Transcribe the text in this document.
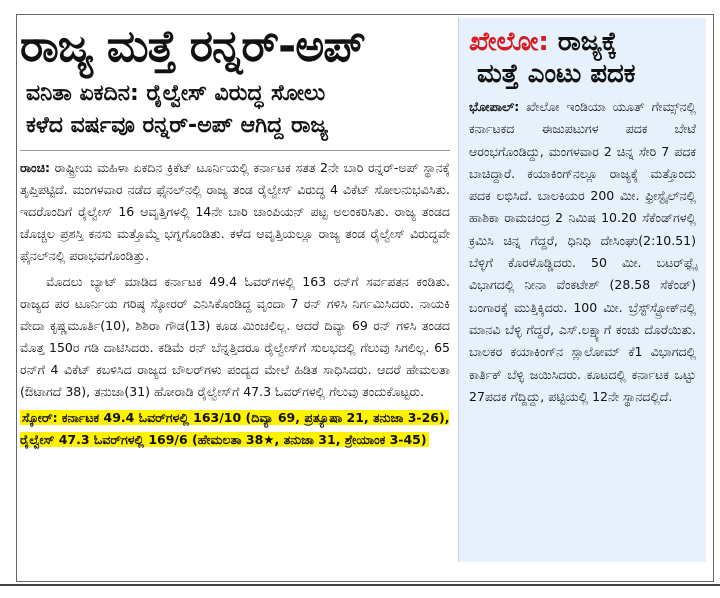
ರಾಜ್ಯ ಮತ್ತೆ ರನ್ನರ್-ಅಪ್
ವನಿತಾ ಏಕದಿನ: ರೈಲ್ವೇಸ್ ವಿರುದ್ಧ ಸೋಲು
ಕಳೆದ ವರ್ಷವೂ ರನ್ನರ್-ಅಪ್ ಆಗಿದ್ದ ರಾಜ್ಯ

ರಾಂಚಿ: ರಾಷ್ಟ್ರೀಯ ಮಹಿಳಾ ಏಕದಿನ ಕ್ರಿಕೆಟ್ ಟೂರ್ನಿಯಲ್ಲಿ ಕರ್ನಾಟಕ ಸತತ 2ನೇ ಬಾರಿ ರನ್ನರ್-ಅಪ್ ಸ್ಥಾನಕ್ಕೆ ತೃಪ್ತಿಪಟ್ಟಿದೆ. ಮಂಗಳವಾರ ನಡೆದ ಫೈನಲ್‌ನಲ್ಲಿ ರಾಜ್ಯ ತಂಡ ರೈಲ್ವೇಸ್ ವಿರುದ್ಧ 4 ವಿಕೆಟ್ ಸೋಲನುಭವಿಸಿತು. ಇದರೊಂದಿಗೆ ರೈಲ್ವೇಸ್ 16 ಆವೃತ್ತಿಗಳಲ್ಲಿ 14ನೇ ಬಾರಿ ಚಾಂಪಿಯನ್ ಪಟ್ಟ ಅಲಂಕರಿಸಿತು. ರಾಜ್ಯ ತಂಡದ ಚೊಚ್ಚಲ ಪ್ರಶಸ್ತಿ ಕನಸು ಮತ್ತೊಮ್ಮೆ ಭಗ್ನಗೊಂಡಿತು. ಕಳೆದ ಆವೃತ್ತಿಯಲ್ಲೂ ರಾಜ್ಯ ತಂಡ ರೈಲ್ವೇಸ್ ವಿರುದ್ಧವೇ ಫೈನಲ್‌ನಲ್ಲಿ ಪರಾಭವಗೊಂಡಿತ್ತು.

ಮೊದಲು ಬ್ಯಾಟ್ ಮಾಡಿದ ಕರ್ನಾಟಕ 49.4 ಓವರ್‌ಗಳಲ್ಲಿ 163 ರನ್‌ಗೆ ಸರ್ವಪತನ ಕಂಡಿತು. ರಾಜ್ಯದ ಪರ ಟೂರ್ನಿಯ ಗರಿಷ್ಠ ಸ್ಕೋರರ್ ಎನಿಸಿಕೊಂಡಿದ್ದ ವೃಂದಾ 7 ರನ್ ಗಳಿಸಿ ನಿರ್ಗಮಿಸಿದರು. ನಾಯಕಿ ವೇದಾ ಕೃಷ್ಣಮೂರ್ತಿ(10), ಶಿಶಿರಾ ಗೌಡ(13) ಕೂಡ ಮಿಂಚಲಿಲ್ಲ. ಆದರೆ ದಿವ್ಯಾ 69 ರನ್ ಗಳಿಸಿ ತಂಡದ ಮೊತ್ತ 150ರ ಗಡಿ ದಾಟಿಸಿದರು. ಕಡಿಮೆ ರನ್ ಬೆನ್ನತ್ತಿದರೂ ರೈಲ್ವೇಸ್‌ಗೆ ಸುಲಭದಲ್ಲಿ ಗೆಲುವು ಸಿಗಲಿಲ್ಲ. 65 ರನ್‌ಗೆ 4 ವಿಕೆಟ್ ಕಬಳಿಸಿದ ರಾಜ್ಯದ ಬೌಲರ್‌ಗಳು ಪಂದ್ಯದ ಮೇಲೆ ಹಿಡಿತ ಸಾಧಿಸಿದರು. ಆದರೆ ಹೇಮಲತಾ (ಔಟಾಗದೆ 38), ತನುಜಾ(31) ಹೋರಾಡಿ ರೈಲ್ವೇಸ್‌ಗೆ 47.3 ಓವರ್‌ಗಳಲ್ಲಿ ಗೆಲುವು ತಂದುಕೊಟ್ಟರು.

ಸ್ಕೋರ್: ಕರ್ನಾಟಕ 49.4 ಓವರ್‌ಗಳಲ್ಲಿ 163/10 (ದಿವ್ಯಾ 69, ಪ್ರತ್ಯೂಷಾ 21, ತನುಜಾ 3-26), ರೈಲ್ವೇಸ್ 47.3 ಓವರ್‌ಗಳಲ್ಲಿ 169/6 (ಹೇಮಲತಾ 38★, ತನುಜಾ 31, ಶ್ರೇಯಾಂಕ 3-45)
ಖೇಲೋ: ರಾಜ್ಯಕ್ಕೆ
ಮತ್ತೆ ಎಂಟು ಪದಕ

ಭೋಪಾಲ್: ಖೇಲೋ ಇಂಡಿಯಾ ಯೂತ್ ಗೇಮ್ಸ್‌ನಲ್ಲಿ ಕರ್ನಾಟಕದ ಈಜುಪಟುಗಳ ಪದಕ ಬೇಟೆ ಆರಂಭಗೊಂಡಿದ್ದು, ಮಂಗಳವಾರ 2 ಚಿನ್ನ ಸೇರಿ 7 ಪದಕ ಬಾಚಿದ್ದಾರೆ. ಕಯಾಕಿಂಗ್‌ನಲ್ಲೂ ರಾಜ್ಯಕ್ಕೆ ಮತ್ತೊಂದು ಪದಕ ಲಭಿಸಿದೆ. ಬಾಲಕಿಯರ 200 ಮೀ. ಫ್ರೀಸ್ಟೈಲ್‌ನಲ್ಲಿ ಹಾಶಿಕಾ ರಾಮಚಂದ್ರ 2 ನಿಮಿಷ 10.20 ಸೆಕೆಂಡ್‌ಗಳಲ್ಲಿ ಕ್ರಮಿಸಿ ಚಿನ್ನ ಗೆದ್ದರೆ, ಧಿನಿಧಿ ದೇಸಿಂಘು(2:10.51) ಬೆಳ್ಳಿಗೆ ಕೊರಳೊಡ್ಡಿದರು. 50 ಮೀ. ಬಟರ್‌ಫ್ಲೈ ವಿಭಾಗದಲ್ಲಿ ನೀನಾ ವೆಂಕಟೇಶ್ (28.58 ಸೆಕೆಂಡ್) ಬಂಗಾರಕ್ಕೆ ಮುತ್ತಿಕ್ಕಿದರು. 100 ಮೀ. ಬ್ರೆಸ್ಟ್‌ಸ್ಟ್ರೋಕ್‌ನಲ್ಲಿ ಮಾನವಿ ಬೆಳ್ಳಿ ಗೆದ್ದರೆ, ಎಸ್.ಲಕ್ಷ್ಯಾಗೆ ಕಂಚು ದೊರೆಯಿತು. ಬಾಲಕರ ಕಯಾಕಿಂಗ್‌ನ ಸ್ಲಾಲೋಮ್ ಕೆ1 ವಿಭಾಗದಲ್ಲಿ ಕಾರ್ತಿಕ್ ಬೆಳ್ಳಿ ಜಯಿಸಿದರು. ಕೂಟದಲ್ಲಿ ಕರ್ನಾಟಕ ಒಟ್ಟು 27ಪದಕ ಗೆದ್ದಿದ್ದು, ಪಟ್ಟಿಯಲ್ಲಿ 12ನೇ ಸ್ಥಾನದಲ್ಲಿದೆ.
